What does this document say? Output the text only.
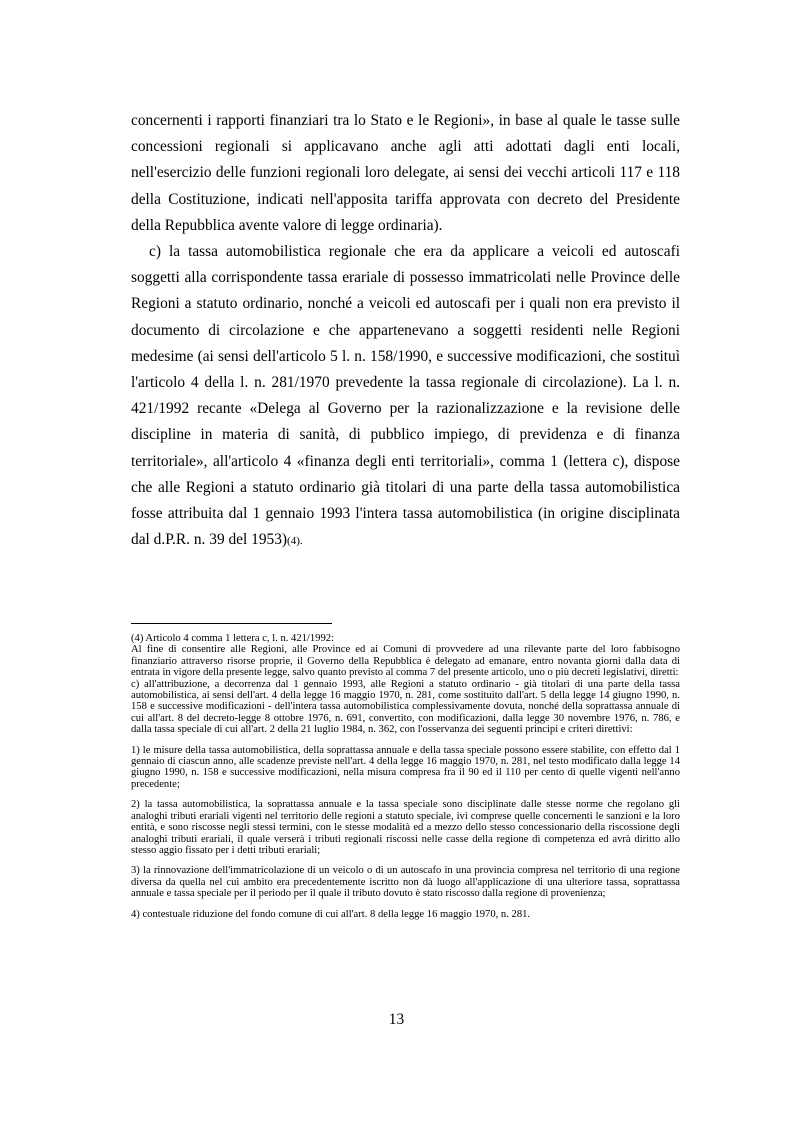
concernenti i rapporti finanziari tra lo Stato e le Regioni», in base al quale le tasse sulle concessioni regionali si applicavano anche agli atti adottati dagli enti locali, nell'esercizio delle funzioni regionali loro delegate, ai sensi dei vecchi articoli 117 e 118 della Costituzione, indicati nell'apposita tariffa approvata con decreto del Presidente della Repubblica avente valore di legge ordinaria).

c) la tassa automobilistica regionale che era da applicare a veicoli ed autoscafi soggetti alla corrispondente tassa erariale di possesso immatricolati nelle Province delle Regioni a statuto ordinario, nonché a veicoli ed autoscafi per i quali non era previsto il documento di circolazione e che appartenevano a soggetti residenti nelle Regioni medesime (ai sensi dell'articolo 5 l. n. 158/1990, e successive modificazioni, che sostituì l'articolo 4 della l. n. 281/1970 prevedente la tassa regionale di circolazione). La l. n. 421/1992 recante «Delega al Governo per la razionalizzazione e la revisione delle discipline in materia di sanità, di pubblico impiego, di previdenza e di finanza territoriale», all'articolo 4 «finanza degli enti territoriali», comma 1 (lettera c), dispose che alle Regioni a statuto ordinario già titolari di una parte della tassa automobilistica fosse attribuita dal 1 gennaio 1993 l'intera tassa automobilistica (in origine disciplinata dal d.P.R. n. 39 del 1953)(4).

(4) Articolo 4 comma 1 lettera c, l. n. 421/1992:

Al fine di consentire alle Regioni, alle Province ed ai Comuni di provvedere ad una rilevante parte del loro fabbisogno finanziario attraverso risorse proprie, il Governo della Repubblica è delegato ad emanare, entro novanta giorni dalla data di entrata in vigore della presente legge, salvo quanto previsto al comma 7 del presente articolo, uno o più decreti legislativi, diretti:

c) all'attribuzione, a decorrenza dal 1 gennaio 1993, alle Regioni a statuto ordinario - già titolari di una parte della tassa automobilistica, ai sensi dell'art. 4 della legge 16 maggio 1970, n. 281, come sostituito dall'art. 5 della legge 14 giugno 1990, n. 158 e successive modificazioni - dell'intera tassa automobilistica complessivamente dovuta, nonché della soprattassa annuale di cui all'art. 8 del decreto-legge 8 ottobre 1976, n. 691, convertito, con modificazioni, dalla legge 30 novembre 1976, n. 786, e dalla tassa speciale di cui all'art. 2 della 21 luglio 1984, n. 362, con l'osservanza dei seguenti principi e criteri direttivi:

1) le misure della tassa automobilistica, della soprattassa annuale e della tassa speciale possono essere stabilite, con effetto dal 1 gennaio di ciascun anno, alle scadenze previste nell'art. 4 della legge 16 maggio 1970, n. 281, nel testo modificato dalla legge 14 giugno 1990, n. 158 e successive modificazioni, nella misura compresa fra il 90 ed il 110 per cento di quelle vigenti nell'anno precedente;

2) la tassa automobilistica, la soprattassa annuale e la tassa speciale sono disciplinate dalle stesse norme che regolano gli analoghi tributi erariali vigenti nel territorio delle regioni a statuto speciale, ivi comprese quelle concernenti le sanzioni e la loro entità, e sono riscosse negli stessi termini, con le stesse modalità ed a mezzo dello stesso concessionario della riscossione degli analoghi tributi erariali, il quale verserà i tributi regionali riscossi nelle casse della regione di competenza ed avrà diritto allo stesso aggio fissato per i detti tributi erariali;

3) la rinnovazione dell'immatricolazione di un veicolo o di un autoscafo in una provincia compresa nel territorio di una regione diversa da quella nel cui ambito era precedentemente iscritto non dà luogo all'applicazione di una ulteriore tassa, soprattassa annuale e tassa speciale per il periodo per il quale il tributo dovuto è stato riscosso dalla regione di provenienza;

4) contestuale riduzione del fondo comune di cui all'art. 8 della legge 16 maggio 1970, n. 281.

13
